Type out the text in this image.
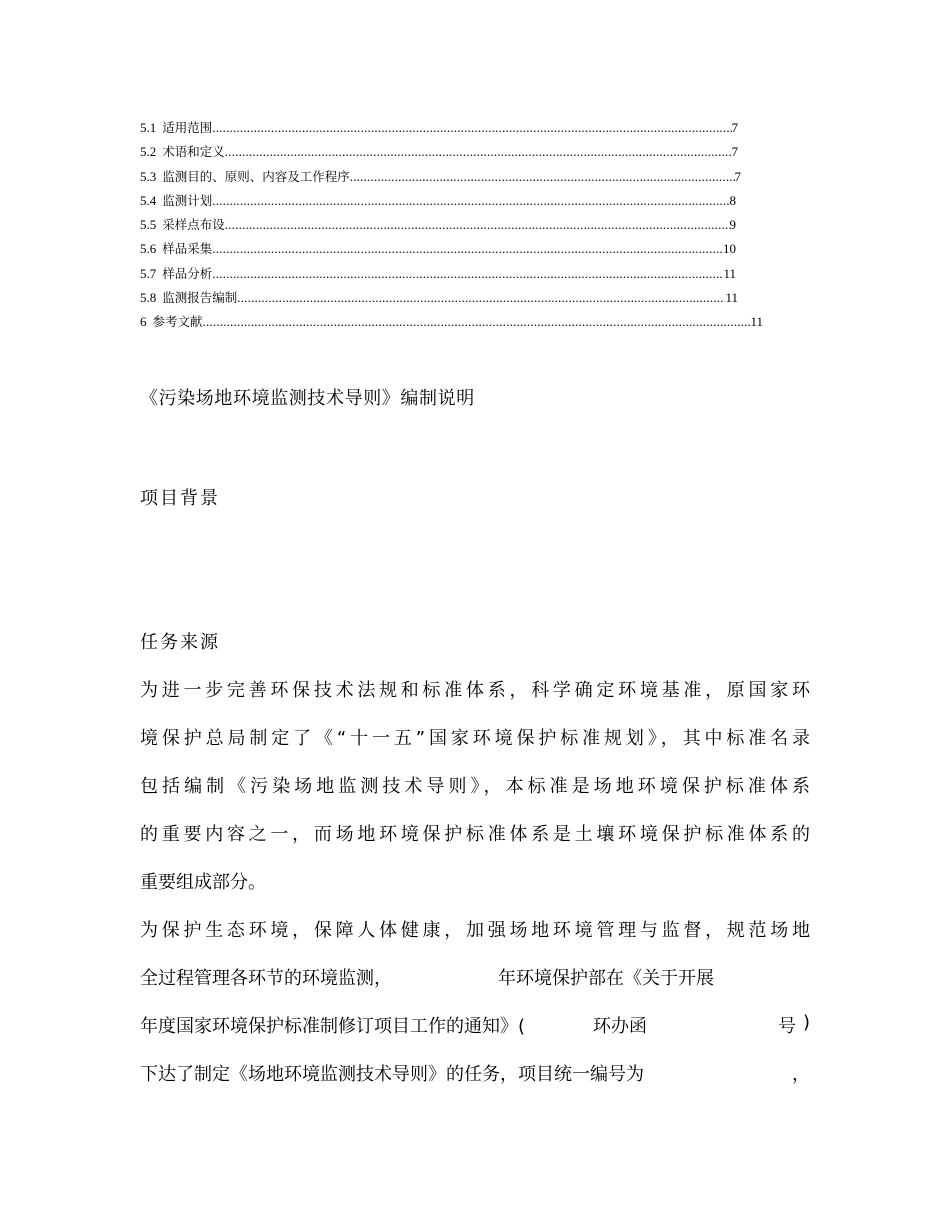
5.1 适用范围 .....	7
5.2 术语和定义 .....	7
5.3 监测目的、原则、内容及工作程序 .....	7
5.4 监测计划 .....	8
5.5 采样点布设 .....	9
5.6 样品采集 .....	10
5.7 样品分析 .....	11
5.8 监测报告编制 .....	11
6 参考文献 .....	11
《污染场地环境监测技术导则》编制说明
项目背景
任务来源
为进一步完善环保技术法规和标准体系，科学确定环境基准，原国家环
境保护总局制定了《“十一五”国家环境保护标准规划》，其中标准名录
包括编制《污染场地监测技术导则》，本标准是场地环境保护标准体系
的重要内容之一，而场地环境保护标准体系是土壤环境保护标准体系的
重要组成部分。
为保护生态环境，保障人体健康，加强场地环境管理与监督，规范场地
全过程管理各环节的环境监测，	年环境保护部在《关于开展
年度国家环境保护标准制修订项目工作的通知》(	环办函	号 )
下达了制定《场地环境监测技术导则》的任务，项目统一编号为	，
